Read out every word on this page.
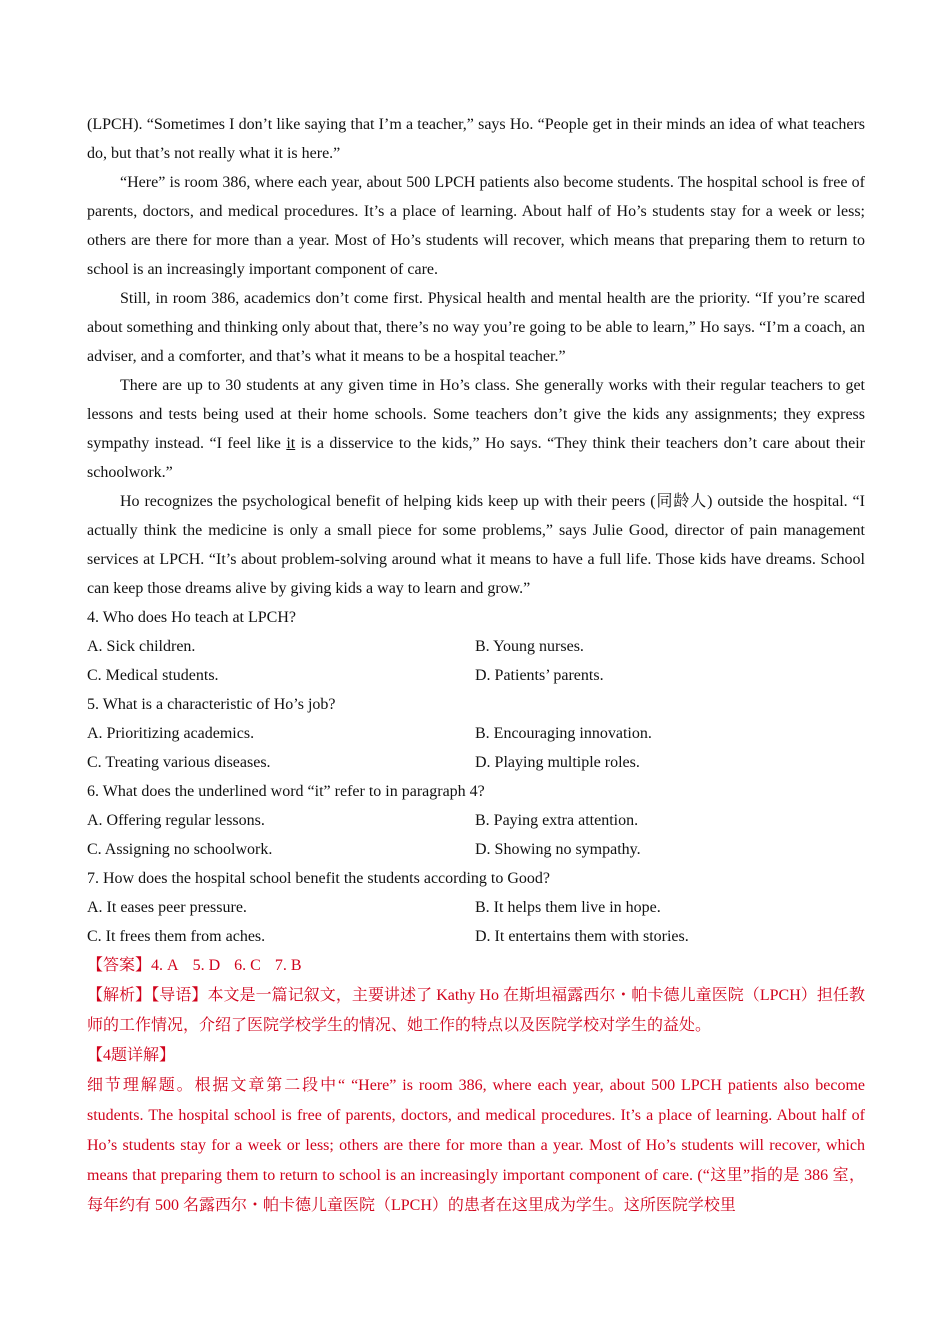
(LPCH). “Sometimes I don’t like saying that I’m a teacher,” says Ho. “People get in their minds an idea of what teachers do, but that’s not really what it is here.”

“Here” is room 386, where each year, about 500 LPCH patients also become students. The hospital school is free of parents, doctors, and medical procedures. It’s a place of learning. About half of Ho’s students stay for a week or less; others are there for more than a year. Most of Ho’s students will recover, which means that preparing them to return to school is an increasingly important component of care.

Still, in room 386, academics don’t come first. Physical health and mental health are the priority. “If you’re scared about something and thinking only about that, there’s no way you’re going to be able to learn,” Ho says. “I’m a coach, an adviser, and a comforter, and that’s what it means to be a hospital teacher.”

There are up to 30 students at any given time in Ho’s class. She generally works with their regular teachers to get lessons and tests being used at their home schools. Some teachers don’t give the kids any assignments; they express sympathy instead. “I feel like it is a disservice to the kids,” Ho says. “They think their teachers don’t care about their schoolwork.”

Ho recognizes the psychological benefit of helping kids keep up with their peers (同龄人) outside the hospital. “I actually think the medicine is only a small piece for some problems,” says Julie Good, director of pain management services at LPCH. “It’s about problem-solving around what it means to have a full life. Those kids have dreams. School can keep those dreams alive by giving kids a way to learn and grow.”

4. Who does Ho teach at LPCH?

A. Sick children.	B. Young nurses.
C. Medical students.	D. Patients’ parents.

5. What is a characteristic of Ho’s job?

A. Prioritizing academics.	B. Encouraging innovation.
C. Treating various diseases.	D. Playing multiple roles.

6. What does the underlined word “it” refer to in paragraph 4?

A. Offering regular lessons.	B. Paying extra attention.
C. Assigning no schoolwork.	D. Showing no sympathy.

7. How does the hospital school benefit the students according to Good?

A. It eases peer pressure.	B. It helps them live in hope.
C. It frees them from aches.	D. It entertains them with stories.

【答案】4. A 5. D 6. C 7. B

【解析】【导语】本文是一篇记叙文，主要讲述了 Kathy Ho 在斯坦福露西尔・帕卡德儿童医院（LPCH）担任教师的工作情况，介绍了医院学校学生的情况、她工作的特点以及医院学校对学生的益处。

【4题详解】

细节理解题。根据文章第二段中“ “Here” is room 386, where each year, about 500 LPCH patients also become students. The hospital school is free of parents, doctors, and medical procedures. It’s a place of learning. About half of Ho’s students stay for a week or less; others are there for more than a year. Most of Ho’s students will recover, which means that preparing them to return to school is an increasingly important component of care. (“这里”指的是 386 室，每年约有 500 名露西尔・帕卡德儿童医院（LPCH）的患者在这里成为学生。这所医院学校里
